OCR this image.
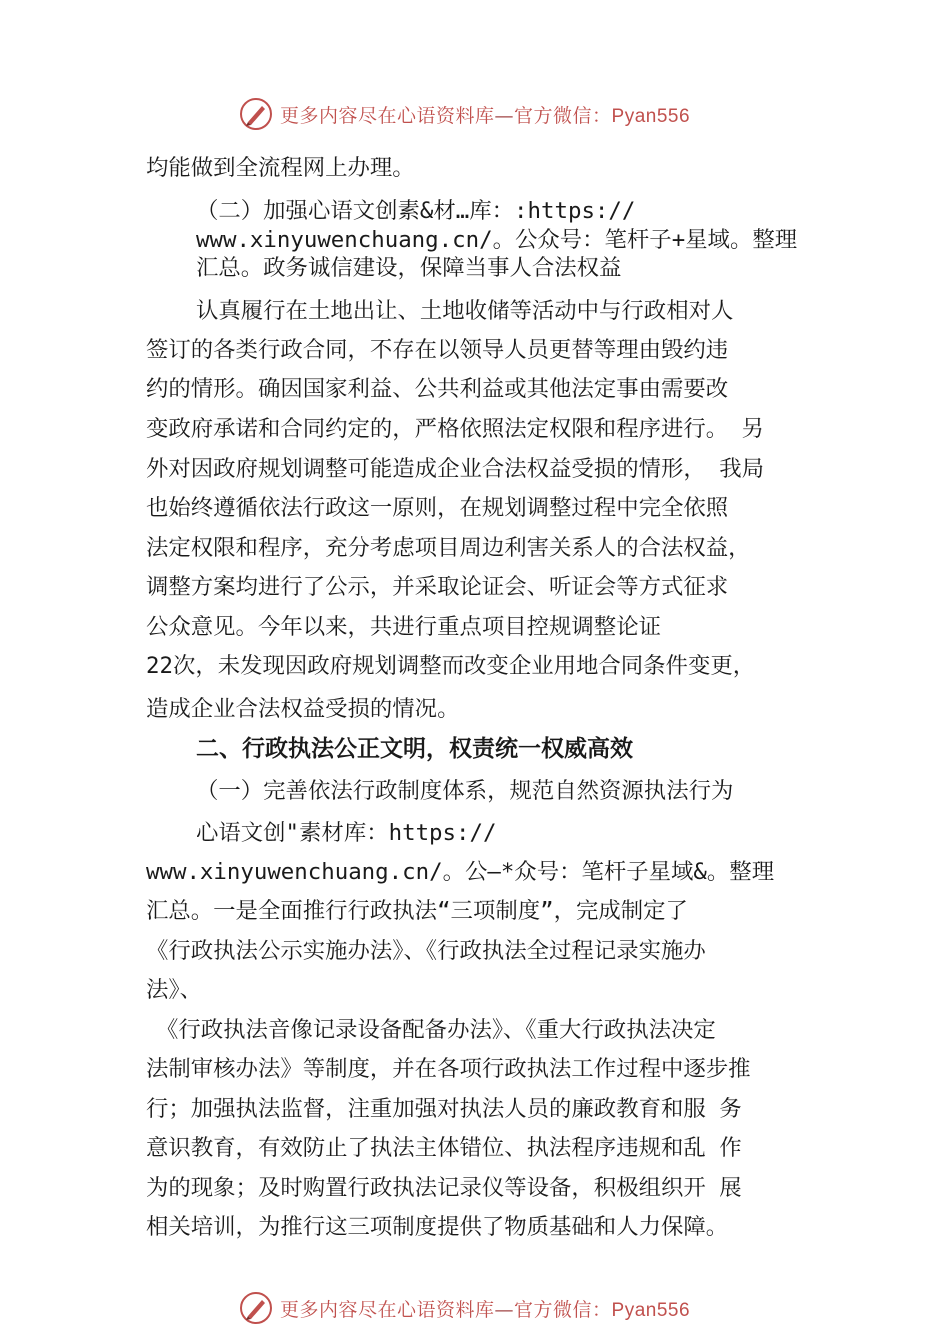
更多内容尽在心语资料库—官方微信：Pyan556
均能做到全流程网上办理。
（二）加强心语文创素&材…库：:https://
www.xinyuwenchuang.cn/。公众号：笔杆子+星域。整理
汇总。政务诚信建设，保障当事人合法权益
认真履行在土地出让、土地收储等活动中与行政相对人
签订的各类行政合同，不存在以领导人员更替等理由毁约违
约的情形。确因国家利益、公共利益或其他法定事由需要改
变政府承诺和合同约定的，严格依照法定权限和程序进行。 另
外对因政府规划调整可能造成企业合法权益受损的情形， 我局
也始终遵循依法行政这一原则，在规划调整过程中完全依照
法定权限和程序，充分考虑项目周边利害关系人的合法权益，
调整方案均进行了公示，并采取论证会、听证会等方式征求
公众意见。今年以来，共进行重点项目控规调整论证
22次，未发现因政府规划调整而改变企业用地合同条件变更，
造成企业合法权益受损的情况。
二、行政执法公正文明，权责统一权威高效
（一）完善依法行政制度体系，规范自然资源执法行为
心语文创"素材库：https://
www.xinyuwenchuang.cn/。公—*众号：笔杆子星域&。整理
汇总。一是全面推行行政执法“三项制度”，完成制定了
《行政执法公示实施办法》、《行政执法全过程记录实施办
法》、
《行政执法音像记录设备配备办法》、《重大行政执法决定
法制审核办法》等制度，并在各项行政执法工作过程中逐步推
行；加强执法监督，注重加强对执法人员的廉政教育和服 务
意识教育，有效防止了执法主体错位、执法程序违规和乱 作
为的现象；及时购置行政执法记录仪等设备，积极组织开 展
相关培训，为推行这三项制度提供了物质基础和人力保障。
更多内容尽在心语资料库—官方微信：Pyan556
